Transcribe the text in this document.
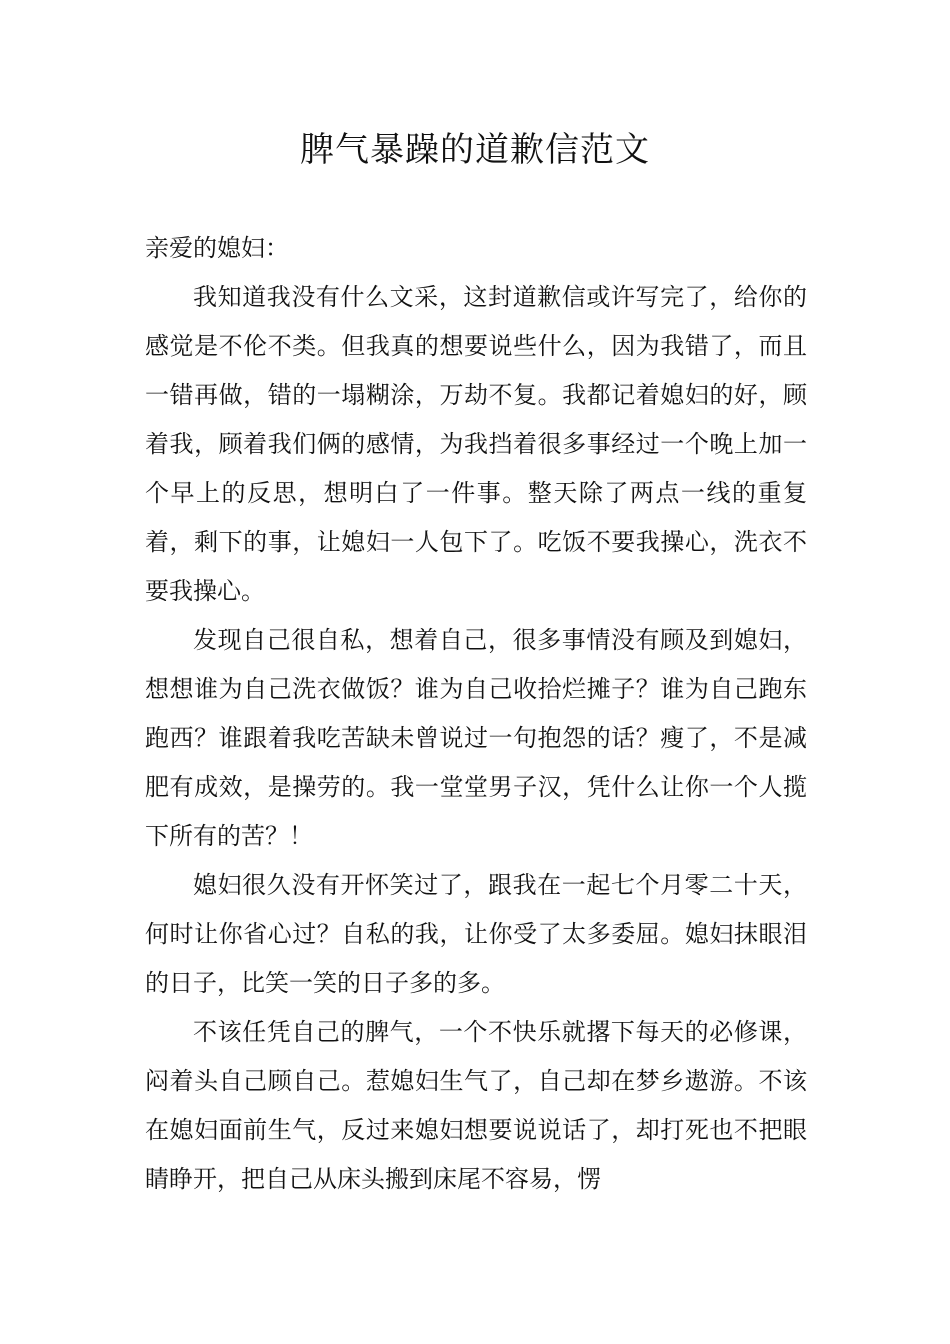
脾气暴躁的道歉信范文

亲爱的媳妇：

我知道我没有什么文采，这封道歉信或许写完了，给你的感觉是不伦不类。但我真的想要说些什么，因为我错了，而且一错再做，错的一塌糊涂，万劫不复。我都记着媳妇的好，顾着我，顾着我们俩的感情，为我挡着很多事经过一个晚上加一个早上的反思，想明白了一件事。整天除了两点一线的重复着，剩下的事，让媳妇一人包下了。吃饭不要我操心，洗衣不要我操心。

发现自己很自私，想着自己，很多事情没有顾及到媳妇，想想谁为自己洗衣做饭？谁为自己收拾烂摊子？谁为自己跑东跑西？谁跟着我吃苦缺未曾说过一句抱怨的话？瘦了，不是减肥有成效，是操劳的。我一堂堂男子汉，凭什么让你一个人揽下所有的苦？！

媳妇很久没有开怀笑过了，跟我在一起七个月零二十天，何时让你省心过？自私的我，让你受了太多委屈。媳妇抹眼泪的日子，比笑一笑的日子多的多。

不该任凭自己的脾气，一个不快乐就撂下每天的必修课，闷着头自己顾自己。惹媳妇生气了，自己却在梦乡遨游。不该在媳妇面前生气，反过来媳妇想要说说话了，却打死也不把眼睛睁开，把自己从床头搬到床尾不容易，愣
